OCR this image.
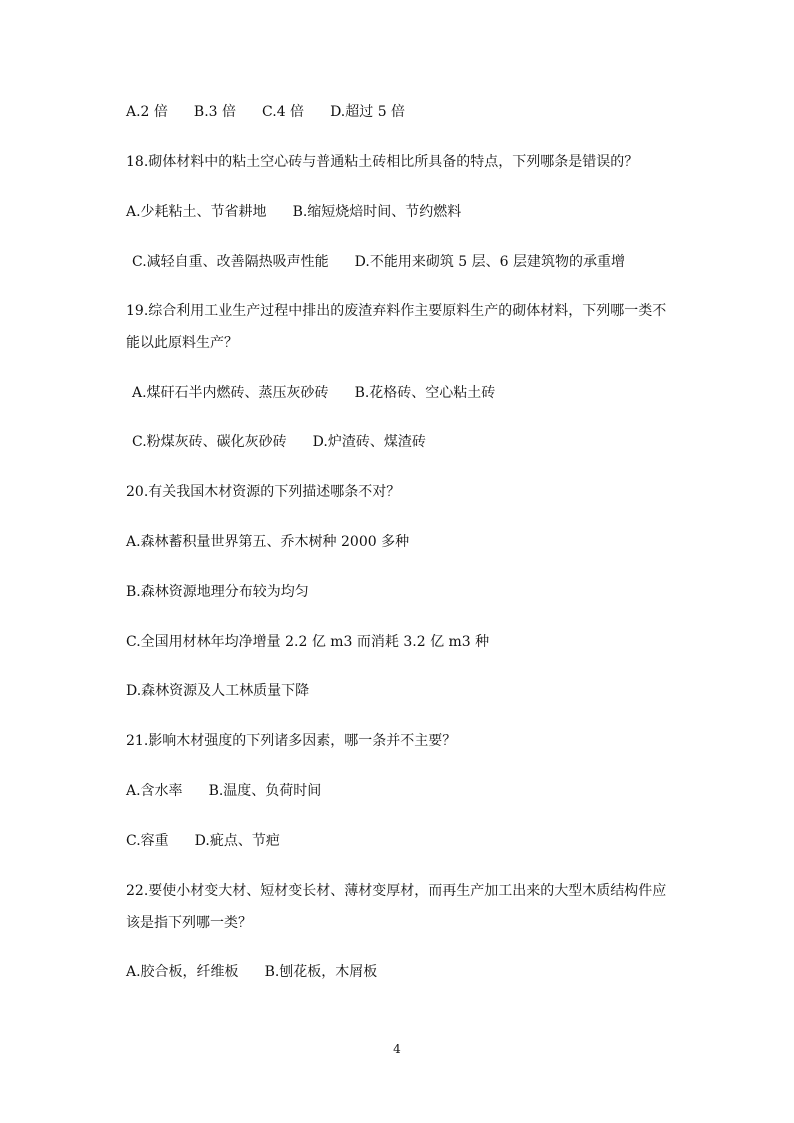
A.2 倍 B.3 倍 C.4 倍 D.超过 5 倍
18.砌体材料中的粘土空心砖与普通粘土砖相比所具备的特点，下列哪条是错误的？
A.少耗粘土、节省耕地 B.缩短烧焙时间、节约燃料
C.减轻自重、改善隔热吸声性能 D.不能用来砌筑 5 层、6 层建筑物的承重增
19.综合利用工业生产过程中排出的废渣弃料作主要原料生产的砌体材料，下列哪一类不
能以此原料生产？
A.煤矸石半内燃砖、蒸压灰砂砖 B.花格砖、空心粘土砖
C.粉煤灰砖、碳化灰砂砖 D.炉渣砖、煤渣砖
20.有关我国木材资源的下列描述哪条不对？
A.森林蓄积量世界第五、乔木树种 2000 多种
B.森林资源地理分布较为均匀
C.全国用材林年均净增量 2.2 亿 m3 而消耗 3.2 亿 m3 种
D.森林资源及人工林质量下降
21.影响木材强度的下列诸多因素，哪一条并不主要？
A.含水率 B.温度、负荷时间
C.容重 D.疵点、节疤
22.要使小材变大材、短材变长材、薄材变厚材，而再生产加工出来的大型木质结构件应
该是指下列哪一类？
A.胶合板，纤维板 B.刨花板，木屑板
4
